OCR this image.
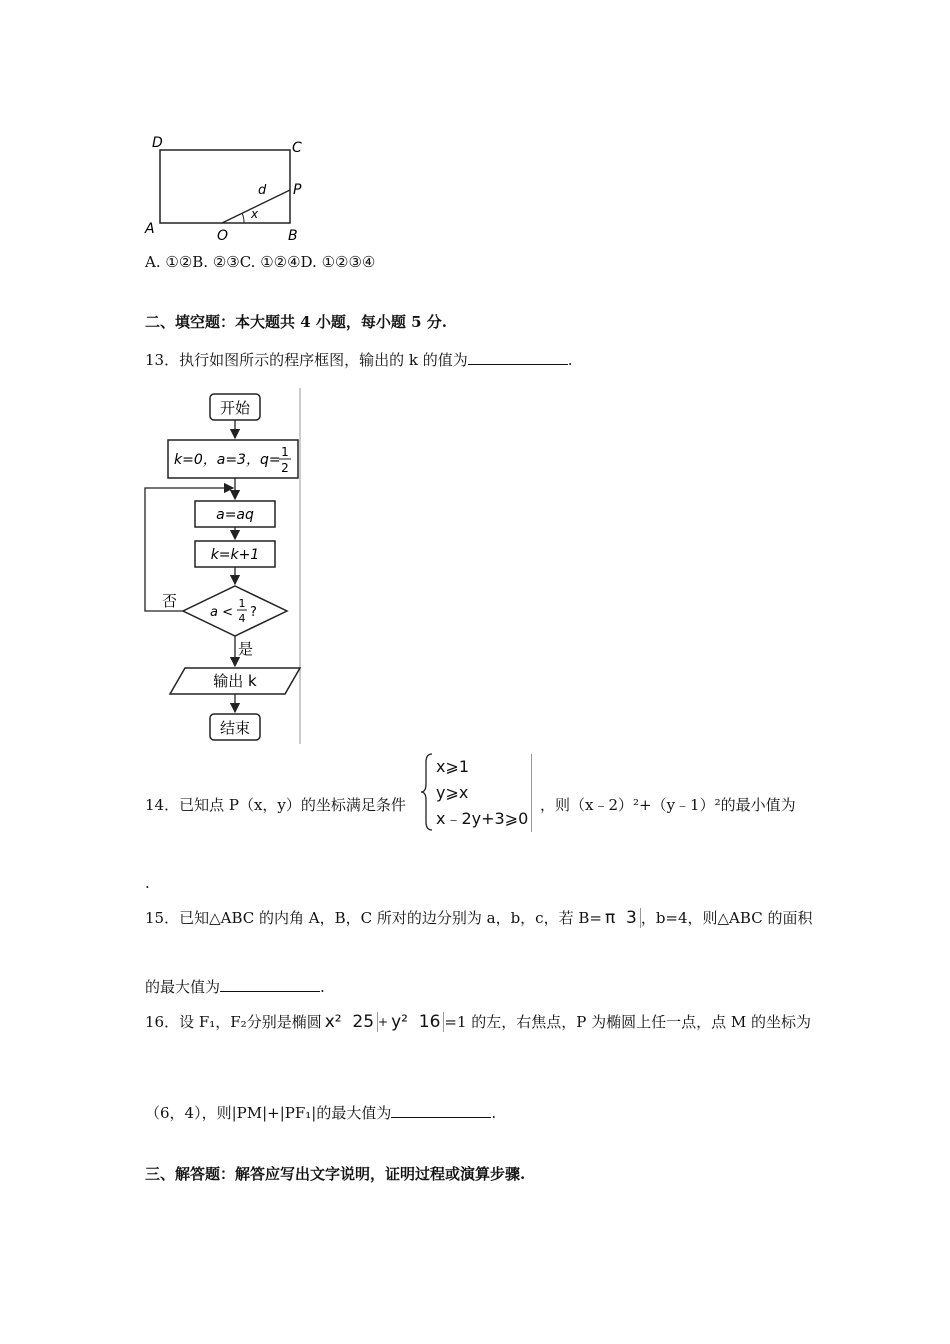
D	C
A	O	B
P
d
x
A. ①②B. ②③C. ①②④D. ①②③④
二、填空题：本大题共 4 小题，每小题 5 分.
13．执行如图所示的程序框图，输出的 k 的值为	.
开始
k=0，a=3，q= 1
2
a=aq
k=k+1
a <
1
4 ?
否
是
输出 k
结束
14．已知点 P（x，y）的坐标满足条件
x⩾1
y⩾x
x﹣2y+3⩾0
，则（x﹣2）²+（y﹣1）²的最小值为
.
15．已知△ABC 的内角 A，B，C 所对的边分别为 a，b，c，若 B= π 3 ，b=4，则△ABC 的面积
的最大值为	.
16．设 F₁，F₂分别是椭圆 x² 25 + y² 16 =1 的左，右焦点，P 为椭圆上任一点，点 M 的坐标为
（6，4），则|PM|+|PF₁|的最大值为	.
三、解答题：解答应写出文字说明，证明过程或演算步骤.
